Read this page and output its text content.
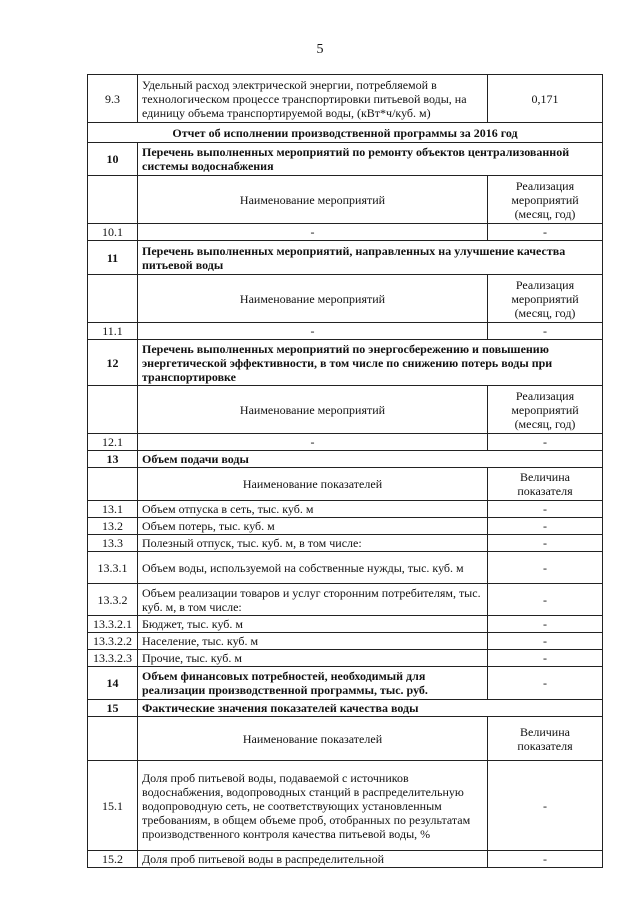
5
9.3	Удельный расход электрической энергии, потребляемой в технологическом процессе транспортировки питьевой воды, на единицу объема транспортируемой воды, (кВт*ч/куб. м)	0,171
Отчет об исполнении производственной программы за 2016 год		
10	Перечень выполненных мероприятий по ремонту объектов централизованной системы водоснабжения	
	Наименование мероприятий	Реализация мероприятий (месяц, год)
10.1	-	-
11	Перечень выполненных мероприятий, направленных на улучшение качества питьевой воды	
	Наименование мероприятий	Реализация мероприятий (месяц, год)
11.1	-	-
12	Перечень выполненных мероприятий по энергосбережению и повышению энергетической эффективности, в том числе по снижению потерь воды при транспортировке	
	Наименование мероприятий	Реализация мероприятий (месяц, год)
12.1	-	-
13	Объем подачи воды	
	Наименование показателей	Величина показателя
13.1	Объем отпуска в сеть, тыс. куб. м	-
13.2	Объем потерь, тыс. куб. м	-
13.3	Полезный отпуск, тыс. куб. м, в том числе:	-
13.3.1	Объем воды, используемой на собственные нужды, тыс. куб. м	-
13.3.2	Объем реализации товаров и услуг сторонним потребителям, тыс. куб. м, в том числе:	-
13.3.2.1	Бюджет, тыс. куб. м	-
13.3.2.2	Население, тыс. куб. м	-
13.3.2.3	Прочие, тыс. куб. м	-
14	Объем финансовых потребностей, необходимый для реализации производственной программы, тыс. руб.	-
15	Фактические значения показателей качества воды	
	Наименование показателей	Величина показателя
15.1	Доля проб питьевой воды, подаваемой с источников водоснабжения, водопроводных станций в распределительную водопроводную сеть, не соответствующих установленным требованиям, в общем объеме проб, отобранных по результатам производственного контроля качества питьевой воды, %	-
15.2	Доля проб питьевой воды в распределительной	-
